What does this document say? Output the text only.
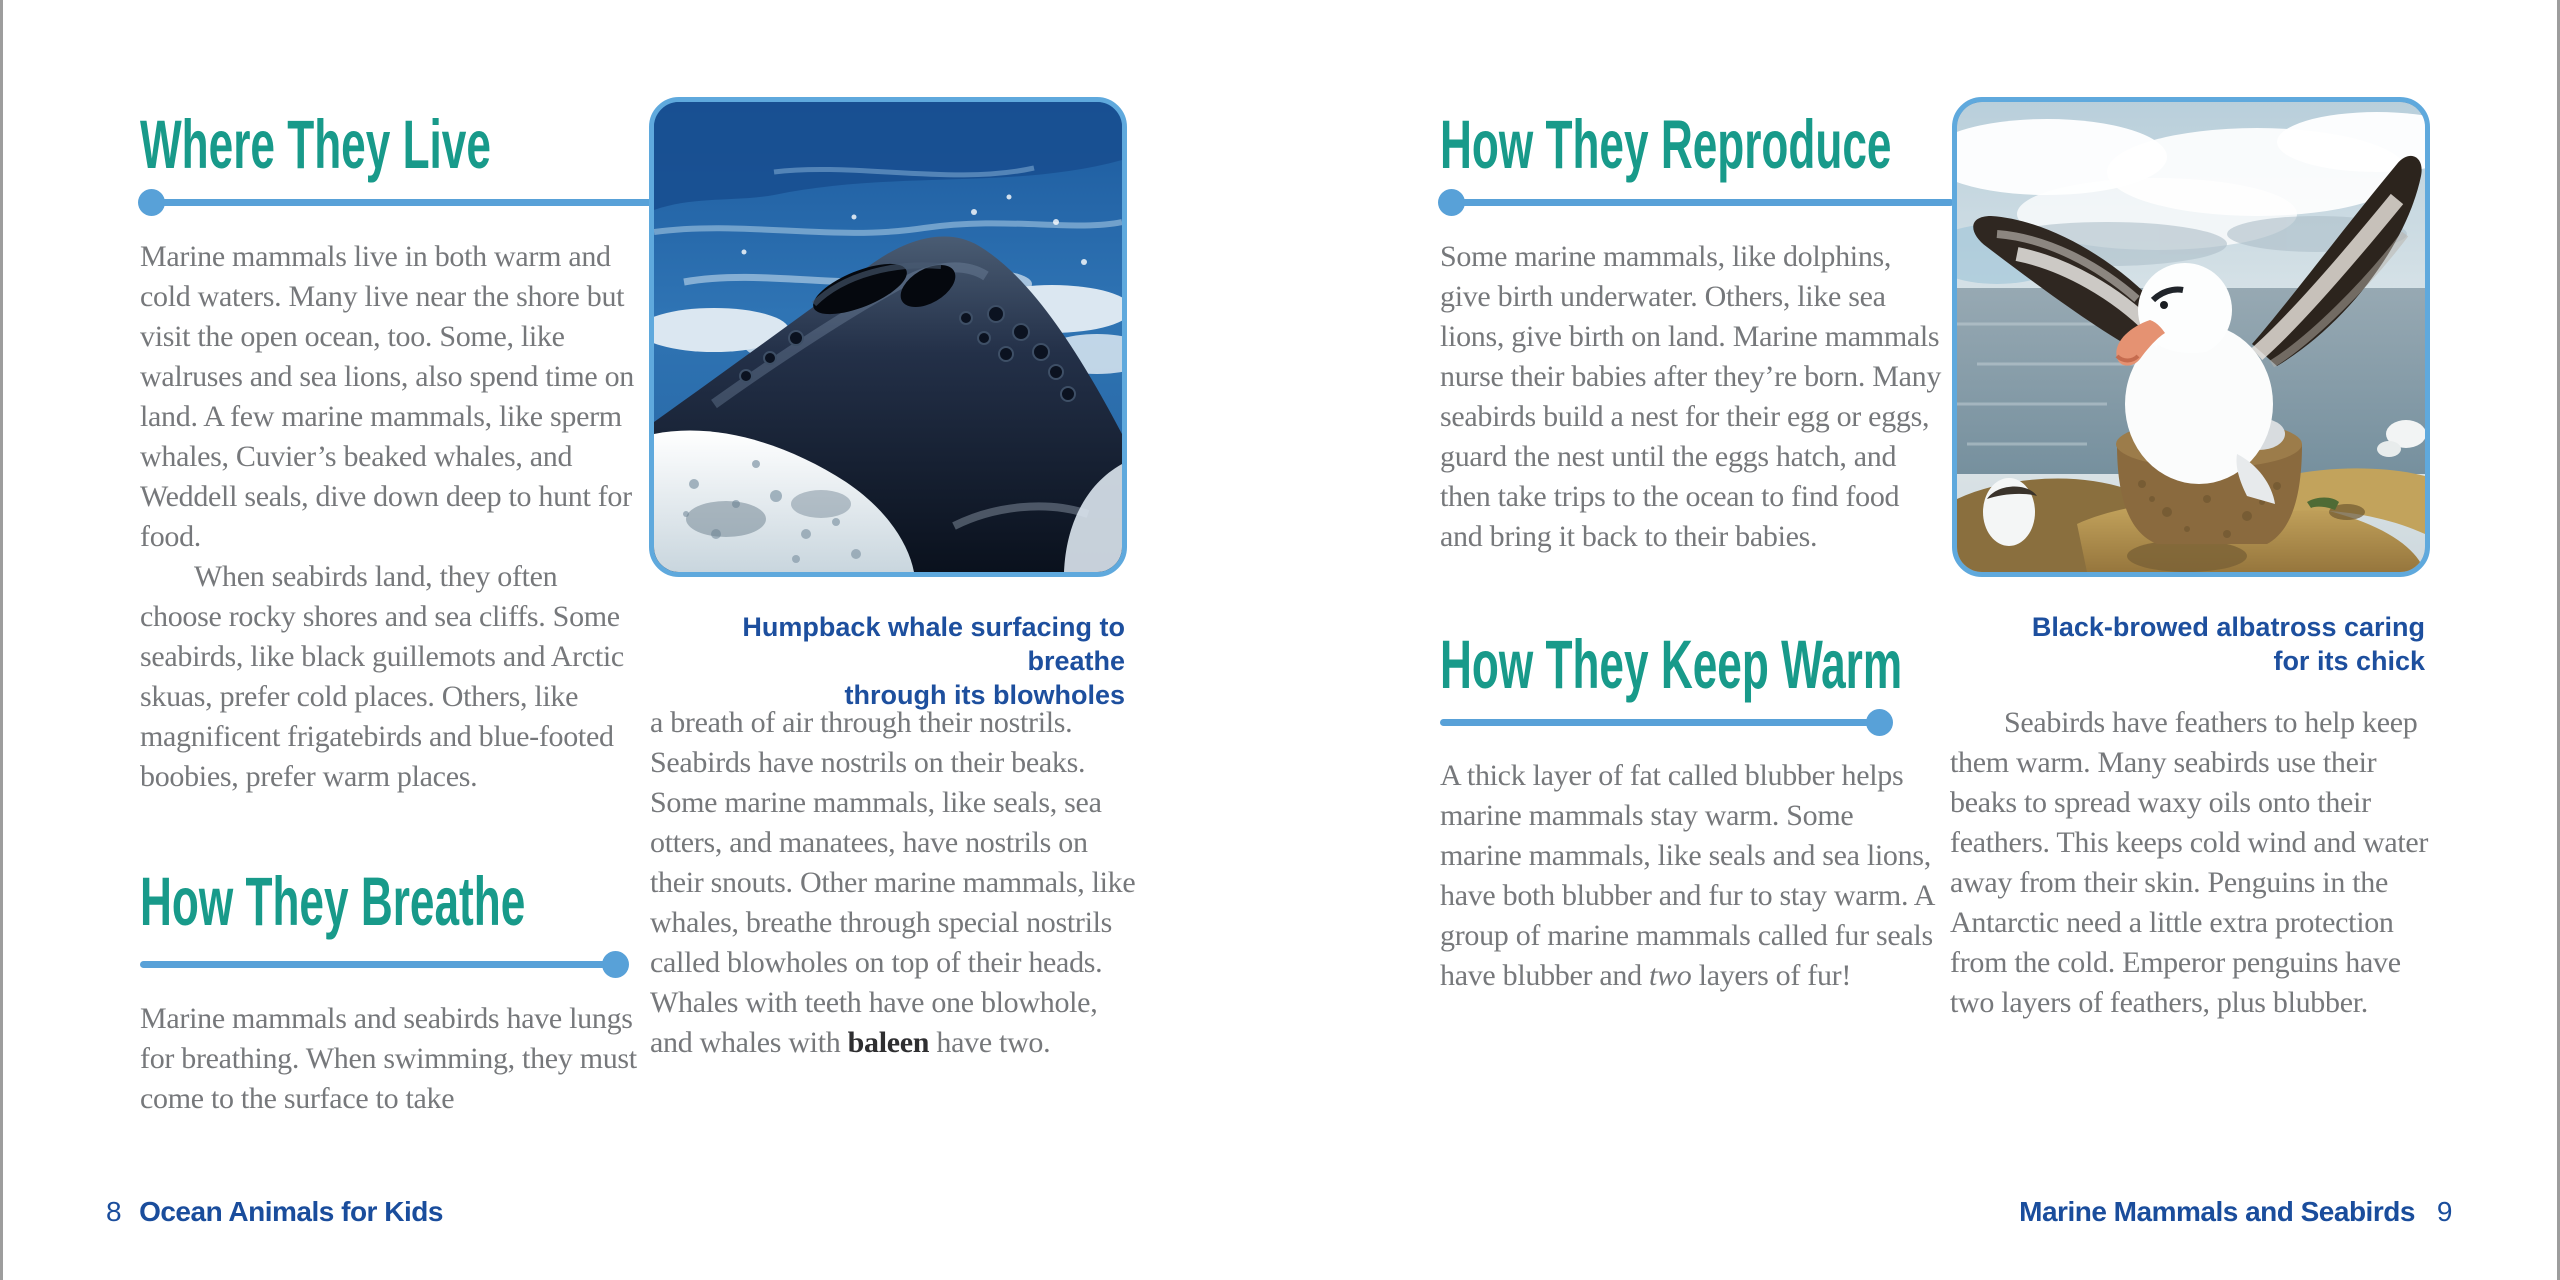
Where They Live

Marine mammals live in both warm and cold waters. Many live near the shore but visit the open ocean, too. Some, like walruses and sea lions, also spend time on land. A few marine mammals, like sperm whales, Cuvier’s beaked whales, and Weddell seals, dive down deep to hunt for food.

When seabirds land, they often choose rocky shores and sea cliffs. Some seabirds, like black guillemots and Arctic skuas, prefer cold places. Others, like magnificent frigatebirds and blue-footed boobies, prefer warm places.

How They Breathe

Marine mammals and seabirds have lungs for breathing. When swimming, they must come to the surface to take

Humpback whale surfacing to breathe
through its blowholes

a breath of air through their nostrils. Seabirds have nostrils on their beaks. Some marine mammals, like seals, sea otters, and manatees, have nostrils on their snouts. Other marine mammals, like whales, breathe through special nostrils called blowholes on top of their heads. Whales with teeth have one blowhole, and whales with baleen have two.

8 Ocean Animals for Kids
How They Reproduce

Some marine mammals, like dolphins, give birth underwater. Others, like sea lions, give birth on land. Marine mammals nurse their babies after they’re born. Many seabirds build a nest for their egg or eggs, guard the nest until the eggs hatch, and then take trips to the ocean to find food and bring it back to their babies.

How They Keep Warm

A thick layer of fat called blubber helps marine mammals stay warm. Some marine mammals, like seals and sea lions, have both blubber and fur to stay warm. A group of marine mammals called fur seals have blubber and two layers of fur!

Black-browed albatross caring
for its chick

Seabirds have feathers to help keep them warm. Many seabirds use their beaks to spread waxy oils onto their feathers. This keeps cold wind and water away from their skin. Penguins in the Antarctic need a little extra protection from the cold. Emperor penguins have two layers of feathers, plus blubber.

Marine Mammals and Seabirds 9
